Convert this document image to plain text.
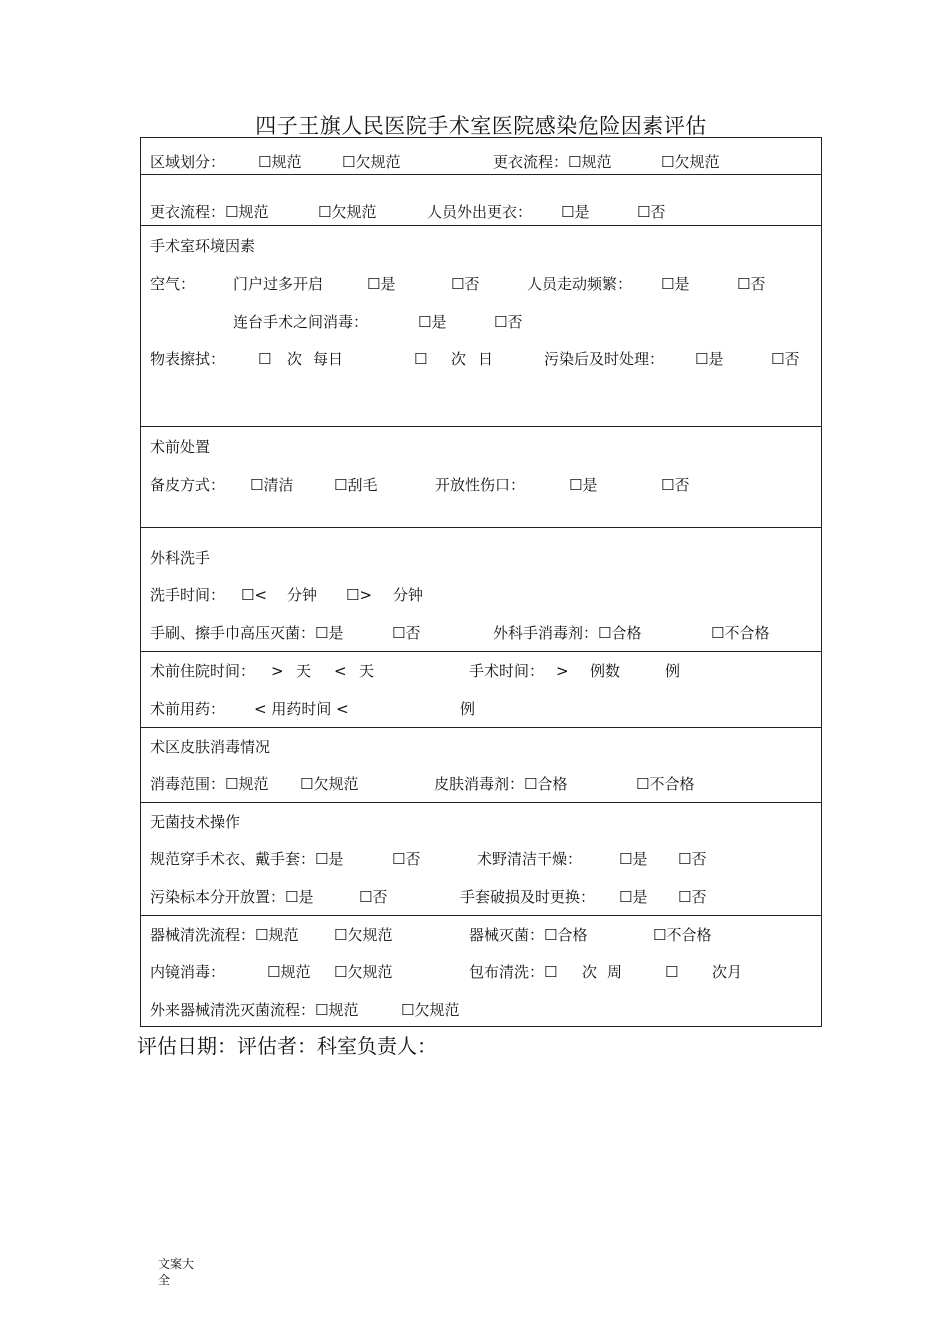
四子王旗人民医院手术室医院感染危险因素评估
区域划分： ☐规范	☐欠规范	更衣流程：☐规范	☐欠规范
更衣流程：☐规范	☐欠规范	人员外出更衣： ☐是	☐否
手术室环境因素
空气：	门户过多开启	☐是	☐否	人员走动频繁： ☐是	☐否
连台手术之间消毒：	☐是	☐否
物表擦拭： ☐ 次 每日	☐ 次 日	污染后及时处理： ☐是	☐否
术前处置
备皮方式： ☐清洁	☐刮毛	开放性伤口：	☐是	☐否
外科洗手
洗手时间： ☐< 分钟 ☐> 分钟
手刷、擦手巾高压灭菌：☐是	☐否	外科手消毒剂：☐合格	☐不合格
术前住院时间： > 天 < 天	手术时间： > 例数	例
术前用药： < 用药时间 <	例
术区皮肤消毒情况
消毒范围：☐规范 ☐欠规范	皮肤消毒剂：☐合格	☐不合格
无菌技术操作
规范穿手术衣、戴手套：☐是	☐否	术野清洁干燥： ☐是 ☐否
污染标本分开放置：☐是	☐否	手套破损及时更换： ☐是 ☐否
器械清洗流程：☐规范 ☐欠规范	器械灭菌：☐合格	☐不合格
内镜消毒：	☐规范 ☐欠规范	包布清洗：☐ 次 周	☐ 次月
外来器械清洗灭菌流程：☐规范	☐欠规范
评估日期：评估者：科室负责人：
文案大全
